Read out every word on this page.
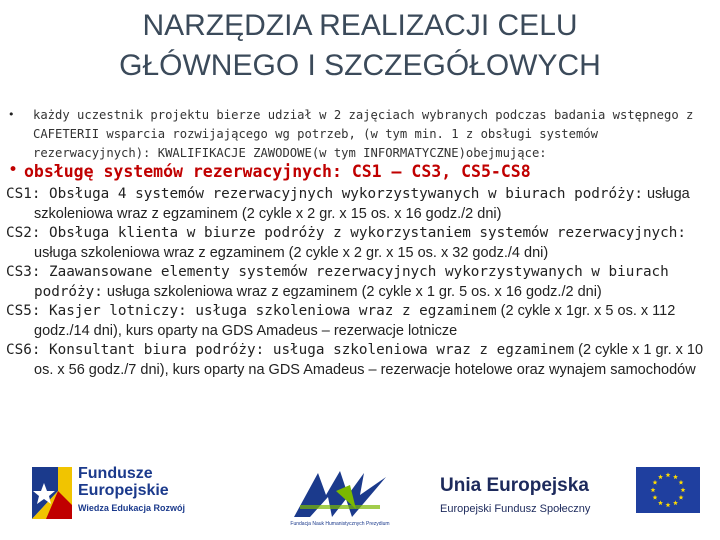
NARZĘDZIA REALIZACJI CELU
GŁÓWNEGO I SZCZEGÓŁOWYCH
• każdy uczestnik projektu bierze udział w 2 zajęciach wybranych podczas badania wstępnego z CAFETERII wsparcia rozwijającego wg potrzeb, (w tym min. 1 z obsługi systemów rezerwacyjnych): KWALIFIKACJE ZAWODOWE(w tym INFORMATYCZNE)obejmujące:
• obsługę systemów rezerwacyjnych: CS1 – CS3, CS5-CS8

CS1: Obsługa 4 systemów rezerwacyjnych wykorzystywanych w biurach podróży: usługa szkoleniowa wraz z egzaminem (2 cykle x 2 gr. x 15 os. x 16 godz./2 dni)

CS2: Obsługa klienta w biurze podróży z wykorzystaniem systemów rezerwacyjnych: usługa szkoleniowa wraz z egzaminem (2 cykle x 2 gr. x 15 os. x 32 godz./4 dni)

CS3: Zaawansowane elementy systemów rezerwacyjnych wykorzystywanych w biurach podróży: usługa szkoleniowa wraz z egzaminem (2 cykle x 1 gr. 5 os. x 16 godz./2 dni)

CS5: Kasjer lotniczy: usługa szkoleniowa wraz z egzaminem (2 cykle x 1gr. x 5 os. x 112 godz./14 dni), kurs oparty na GDS Amadeus – rezerwacje lotnicze

CS6: Konsultant biura podróży: usługa szkoleniowa wraz z egzaminem (2 cykle x 1 gr. x 10 os. x 56 godz./7 dni), kurs oparty na GDS Amadeus – rezerwacje hotelowe oraz wynajem samochodów

Fundusze
Europejskie
Wiedza Edukacja Rozwój
Fundacja Nauk Humanistycznych Prezydium
Unia Europejska
Europejski Fundusz Społeczny
